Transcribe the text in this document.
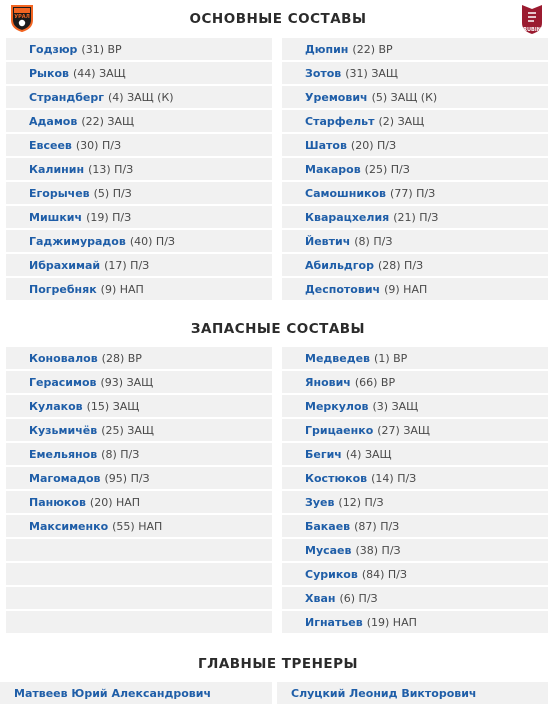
УРАЛ
RUBIN
ОСНОВНЫЕ СОСТАВЫ
Годзюр (31) ВР
Рыков (44) ЗАЩ
Страндберг (4) ЗАЩ (К)
Адамов (22) ЗАЩ
Евсеев (30) П/З
Калинин (13) П/З
Егорычев (5) П/З
Мишкич (19) П/З
Гаджимурадов (40) П/З
Ибрахимай (17) П/З
Погребняк (9) НАП
Дюпин (22) ВР
Зотов (31) ЗАЩ
Уремович (5) ЗАЩ (К)
Старфельт (2) ЗАЩ
Шатов (20) П/З
Макаров (25) П/З
Самошников (77) П/З
Кварацхелия (21) П/З
Йевтич (8) П/З
Абильдгор (28) П/З
Деспотович (9) НАП
ЗАПАСНЫЕ СОСТАВЫ
Коновалов (28) ВР
Герасимов (93) ЗАЩ
Кулаков (15) ЗАЩ
Кузьмичёв (25) ЗАЩ
Емельянов (8) П/З
Магомадов (95) П/З
Панюков (20) НАП
Максименко (55) НАП
Медведев (1) ВР
Янович (66) ВР
Меркулов (3) ЗАЩ
Грицаенко (27) ЗАЩ
Бегич (4) ЗАЩ
Костюков (14) П/З
Зуев (12) П/З
Бакаев (87) П/З
Мусаев (38) П/З
Суриков (84) П/З
Хван (6) П/З
Игнатьев (19) НАП
ГЛАВНЫЕ ТРЕНЕРЫ
Матвеев Юрий Александрович	Слуцкий Леонид Викторович
